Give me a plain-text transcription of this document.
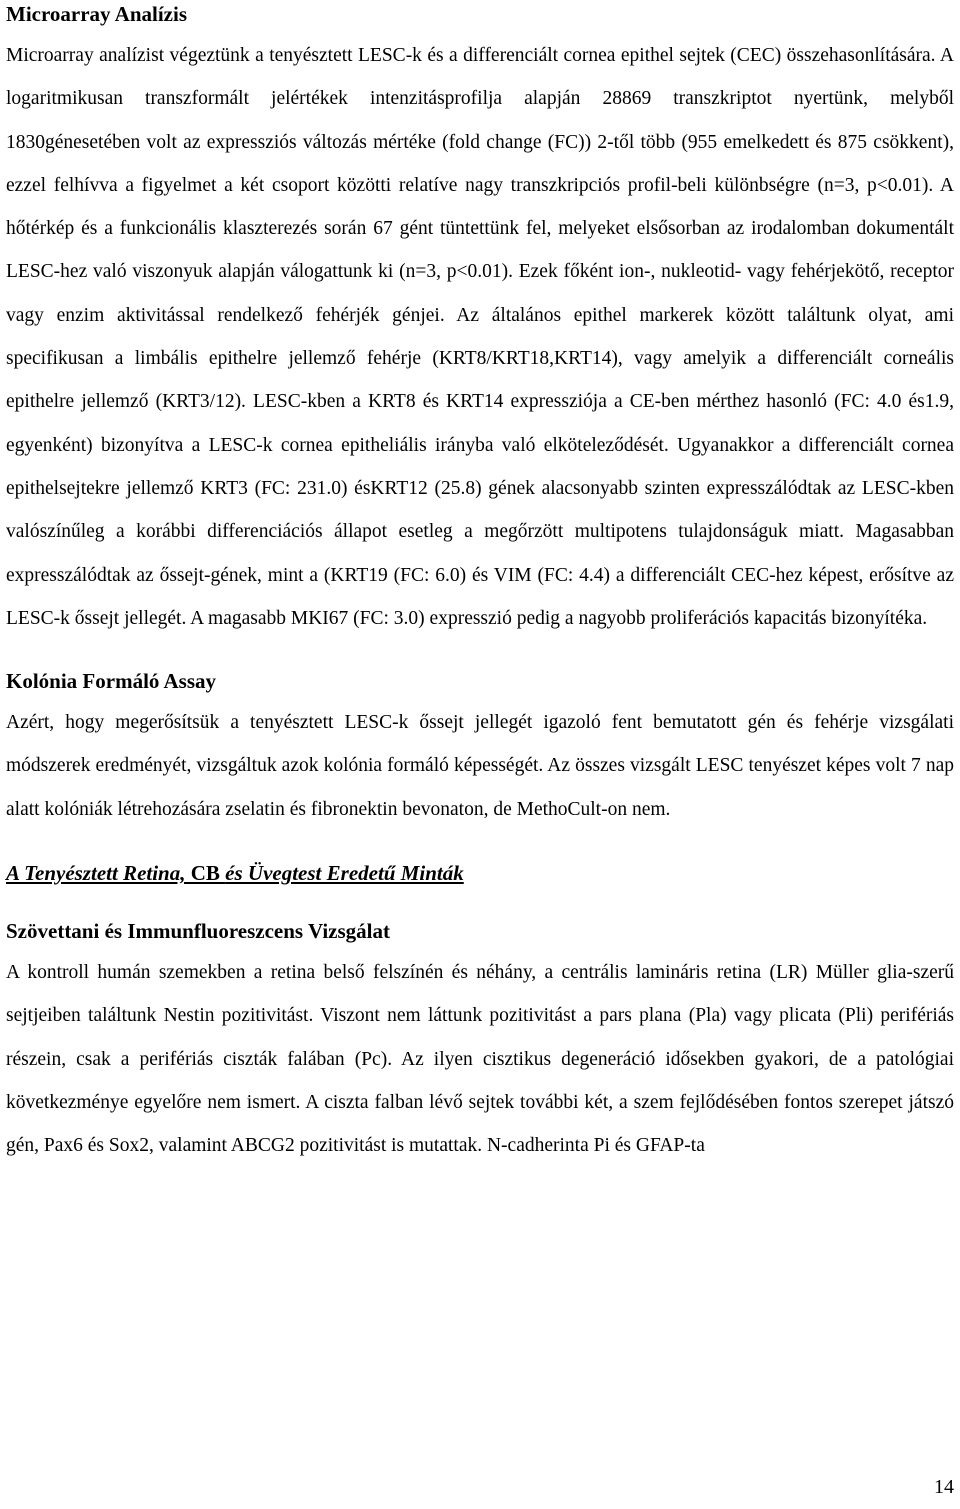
Microarray Analízis

Microarray analízist végeztünk a tenyésztett LESC-k és a differenciált cornea epithel sejtek (CEC) összehasonlítására. A logaritmikusan transzformált jelértékek intenzitásprofilja alapján 28869 transzkriptot nyertünk, melyből 1830génesetében volt az expressziós változás mértéke (fold change (FC)) 2-től több (955 emelkedett és 875 csökkent), ezzel felhívva a figyelmet a két csoport közötti relatíve nagy transzkripciós profil-beli különbségre (n=3, p<0.01). A hőtérkép és a funkcionális klaszterezés során 67 gént tüntettünk fel, melyeket elsősorban az irodalomban dokumentált LESC-hez való viszonyuk alapján válogattunk ki (n=3, p<0.01). Ezek főként ion-, nukleotid- vagy fehérjekötő, receptor vagy enzim aktivitással rendelkező fehérjék génjei. Az általános epithel markerek között találtunk olyat, ami specifikusan a limbális epithelre jellemző fehérje (KRT8/KRT18,KRT14), vagy amelyik a differenciált corneális epithelre jellemző (KRT3/12). LESC-kben a KRT8 és KRT14 expressziója a CE-ben mérthez hasonló (FC: 4.0 és1.9, egyenként) bizonyítva a LESC-k cornea epitheliális irányba való elköteleződését. Ugyanakkor a differenciált cornea epithelsejtekre jellemző KRT3 (FC: 231.0) ésKRT12 (25.8) gének alacsonyabb szinten expresszálódtak az LESC-kben valószínűleg a korábbi differenciációs állapot esetleg a megőrzött multipotens tulajdonságuk miatt. Magasabban expresszálódtak az őssejt-gének, mint a (KRT19 (FC: 6.0) és VIM (FC: 4.4) a differenciált CEC-hez képest, erősítve az LESC-k őssejt jellegét. A magasabb MKI67 (FC: 3.0) expresszió pedig a nagyobb proliferációs kapacitás bizonyítéka.

Kolónia Formáló Assay

Azért, hogy megerősítsük a tenyésztett LESC-k őssejt jellegét igazoló fent bemutatott gén és fehérje vizsgálati módszerek eredményét, vizsgáltuk azok kolónia formáló képességét. Az összes vizsgált LESC tenyészet képes volt 7 nap alatt kolóniák létrehozására zselatin és fibronektin bevonaton, de MethoCult-on nem.

A Tenyésztett Retina, CB és Üvegtest Eredetű Minták
Szövettani és Immunfluoreszcens Vizsgálat

A kontroll humán szemekben a retina belső felszínén és néhány, a centrális lamináris retina (LR) Müller glia-szerű sejtjeiben találtunk Nestin pozitivitást. Viszont nem láttunk pozitivitást a pars plana (Pla) vagy plicata (Pli) perifériás részein, csak a perifériás ciszták falában (Pc). Az ilyen cisztikus degeneráció idősekben gyakori, de a patológiai következménye egyelőre nem ismert. A ciszta falban lévő sejtek további két, a szem fejlődésében fontos szerepet játszó gén, Pax6 és Sox2, valamint ABCG2 pozitivitást is mutattak. N-cadherinta Pi és GFAP-ta

14
